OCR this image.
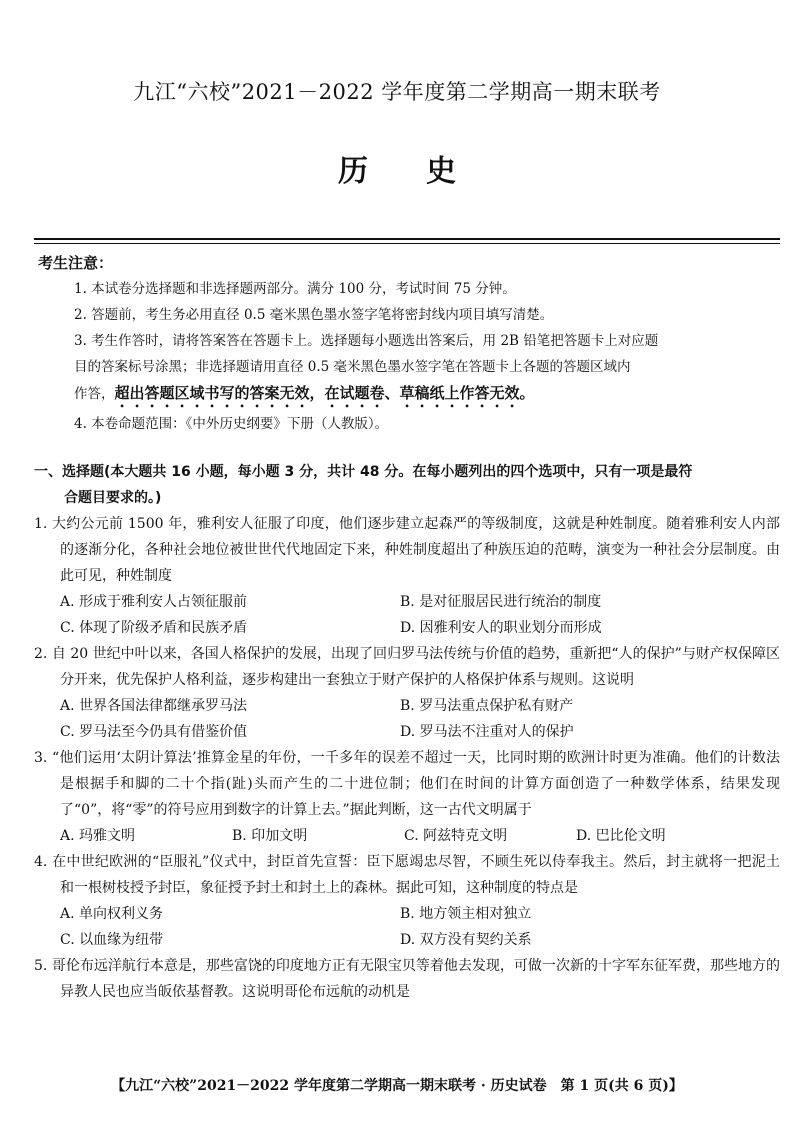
九江“六校”2021－2022 学年度第二学期高一期末联考
历史
考生注意：
1. 本试卷分选择题和非选择题两部分。满分 100 分，考试时间 75 分钟。
2. 答题前，考生务必用直径 0.5 毫米黑色墨水签字笔将密封线内项目填写清楚。
3. 考生作答时，请将答案答在答题卡上。选择题每小题选出答案后，用 2B 铅笔把答题卡上对应题
目的答案标号涂黑；非选择题请用直径 0.5 毫米黑色墨水签字笔在答题卡上各题的答题区域内
作答，超出答题区域书写的答案无效，在试题卷、草稿纸上作答无效。
4. 本卷命题范围：《中外历史纲要》下册（人教版）。
一、选择题(本大题共 16 小题，每小题 3 分，共计 48 分。在每小题列出的四个选项中，只有一项是最符
合题目要求的。)
1. 大约公元前 1500 年，雅利安人征服了印度，他们逐步建立起森严的等级制度，这就是种姓制度。随着雅利安人内部的逐渐分化，各种社会地位被世世代代地固定下来，种姓制度超出了种族压迫的范畴，演变为一种社会分层制度。由此可见，种姓制度
A. 形成于雅利安人占领征服前	B. 是对征服居民进行统治的制度
C. 体现了阶级矛盾和民族矛盾	D. 因雅利安人的职业划分而形成
2. 自 20 世纪中叶以来，各国人格保护的发展，出现了回归罗马法传统与价值的趋势，重新把“人的保护”与财产权保障区分开来，优先保护人格利益，逐步构建出一套独立于财产保护的人格保护体系与规则。这说明
A. 世界各国法律都继承罗马法	B. 罗马法重点保护私有财产
C. 罗马法至今仍具有借鉴价值	D. 罗马法不注重对人的保护
3. “他们运用‘太阴计算法’推算金星的年份，一千多年的误差不超过一天，比同时期的欧洲计时更为准确。他们的计数法是根据手和脚的二十个指(趾)头而产生的二十进位制；他们在时间的计算方面创造了一种数学体系，结果发现了“0”，将“零”的符号应用到数字的计算上去。”据此判断，这一古代文明属于
A. 玛雅文明	B. 印加文明	C. 阿兹特克文明	D. 巴比伦文明
4. 在中世纪欧洲的“臣服礼”仪式中，封臣首先宣誓：臣下愿竭忠尽智，不顾生死以侍奉我主。然后，封主就将一把泥土和一根树枝授予封臣，象征授予封土和封土上的森林。据此可知，这种制度的特点是
A. 单向权利义务	B. 地方领主相对独立
C. 以血缘为纽带	D. 双方没有契约关系
5. 哥伦布远洋航行本意是，那些富饶的印度地方正有无限宝贝等着他去发现，可做一次新的十字军东征军费，那些地方的异教人民也应当皈依基督教。这说明哥伦布远航的动机是
【九江“六校”2021－2022 学年度第二学期高一期末联考 · 历史试卷　第 1 页(共 6 页)】
